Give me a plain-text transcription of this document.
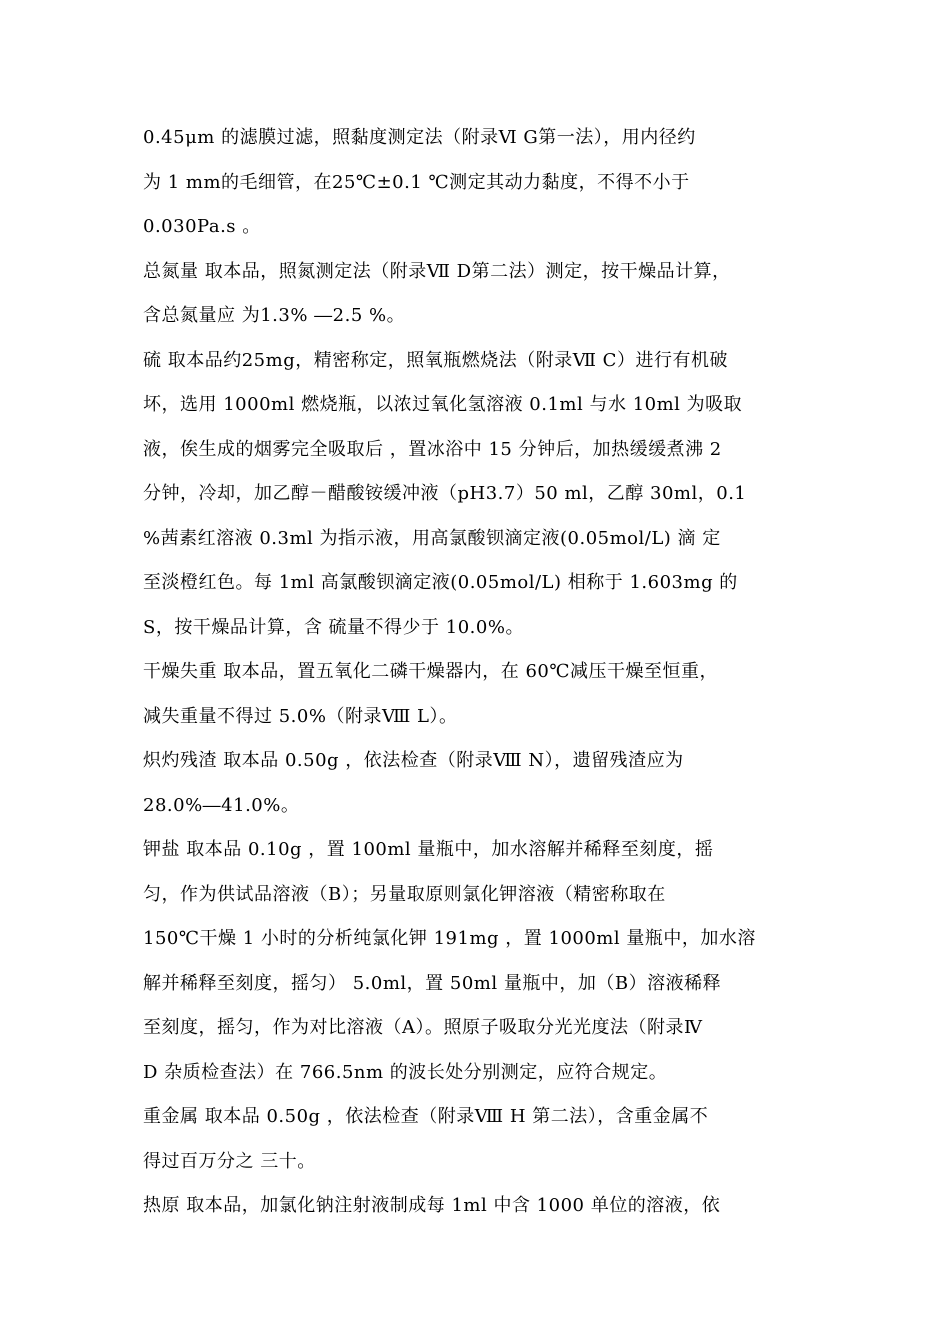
0.45μm 的滤膜过滤，照黏度测定法（附录Ⅵ G第一法），用内径约
为 1 mm的毛细管，在25℃±0.1 ℃测定其动力黏度，不得不小于
0.030Pa.s 。
总氮量 取本品，照氮测定法（附录Ⅶ D第二法）测定，按干燥品计算，
含总氮量应 为1.3% ―2.5 %。
硫 取本品约25mg，精密称定，照氧瓶燃烧法（附录Ⅶ C）进行有机破
坏，选用 1000ml 燃烧瓶，以浓过氧化氢溶液 0.1ml 与水 10ml 为吸取
液，俟生成的烟雾完全吸取后 ，置冰浴中 15 分钟后，加热缓缓煮沸 2
分钟，冷却，加乙醇－醋酸铵缓冲液（pH3.7）50 ml，乙醇 30ml，0.1
%茜素红溶液 0.3ml 为指示液，用高氯酸钡滴定液(0.05mol/L) 滴 定
至淡橙红色。每 1ml 高氯酸钡滴定液(0.05mol/L) 相称于 1.603mg 的
S，按干燥品计算，含 硫量不得少于 10.0%。
干燥失重 取本品，置五氧化二磷干燥器内，在 60℃减压干燥至恒重，
减失重量不得过 5.0%（附录Ⅷ L）。
炽灼残渣 取本品 0.50g ，依法检查（附录Ⅷ N），遗留残渣应为
28.0%―41.0%。
钾盐 取本品 0.10g ，置 100ml 量瓶中，加水溶解并稀释至刻度，摇
匀，作为供试品溶液（B）；另量取原则氯化钾溶液（精密称取在
150℃干燥 1 小时的分析纯氯化钾 191mg ，置 1000ml 量瓶中，加水溶
解并稀释至刻度，摇匀） 5.0ml，置 50ml 量瓶中，加（B）溶液稀释
至刻度，摇匀，作为对比溶液（A）。照原子吸取分光光度法（附录Ⅳ
D 杂质检查法）在 766.5nm 的波长处分别测定，应符合规定。
重金属 取本品 0.50g ，依法检查（附录Ⅷ H 第二法），含重金属不
得过百万分之 三十。
热原 取本品，加氯化钠注射液制成每 1ml 中含 1000 单位的溶液，依
